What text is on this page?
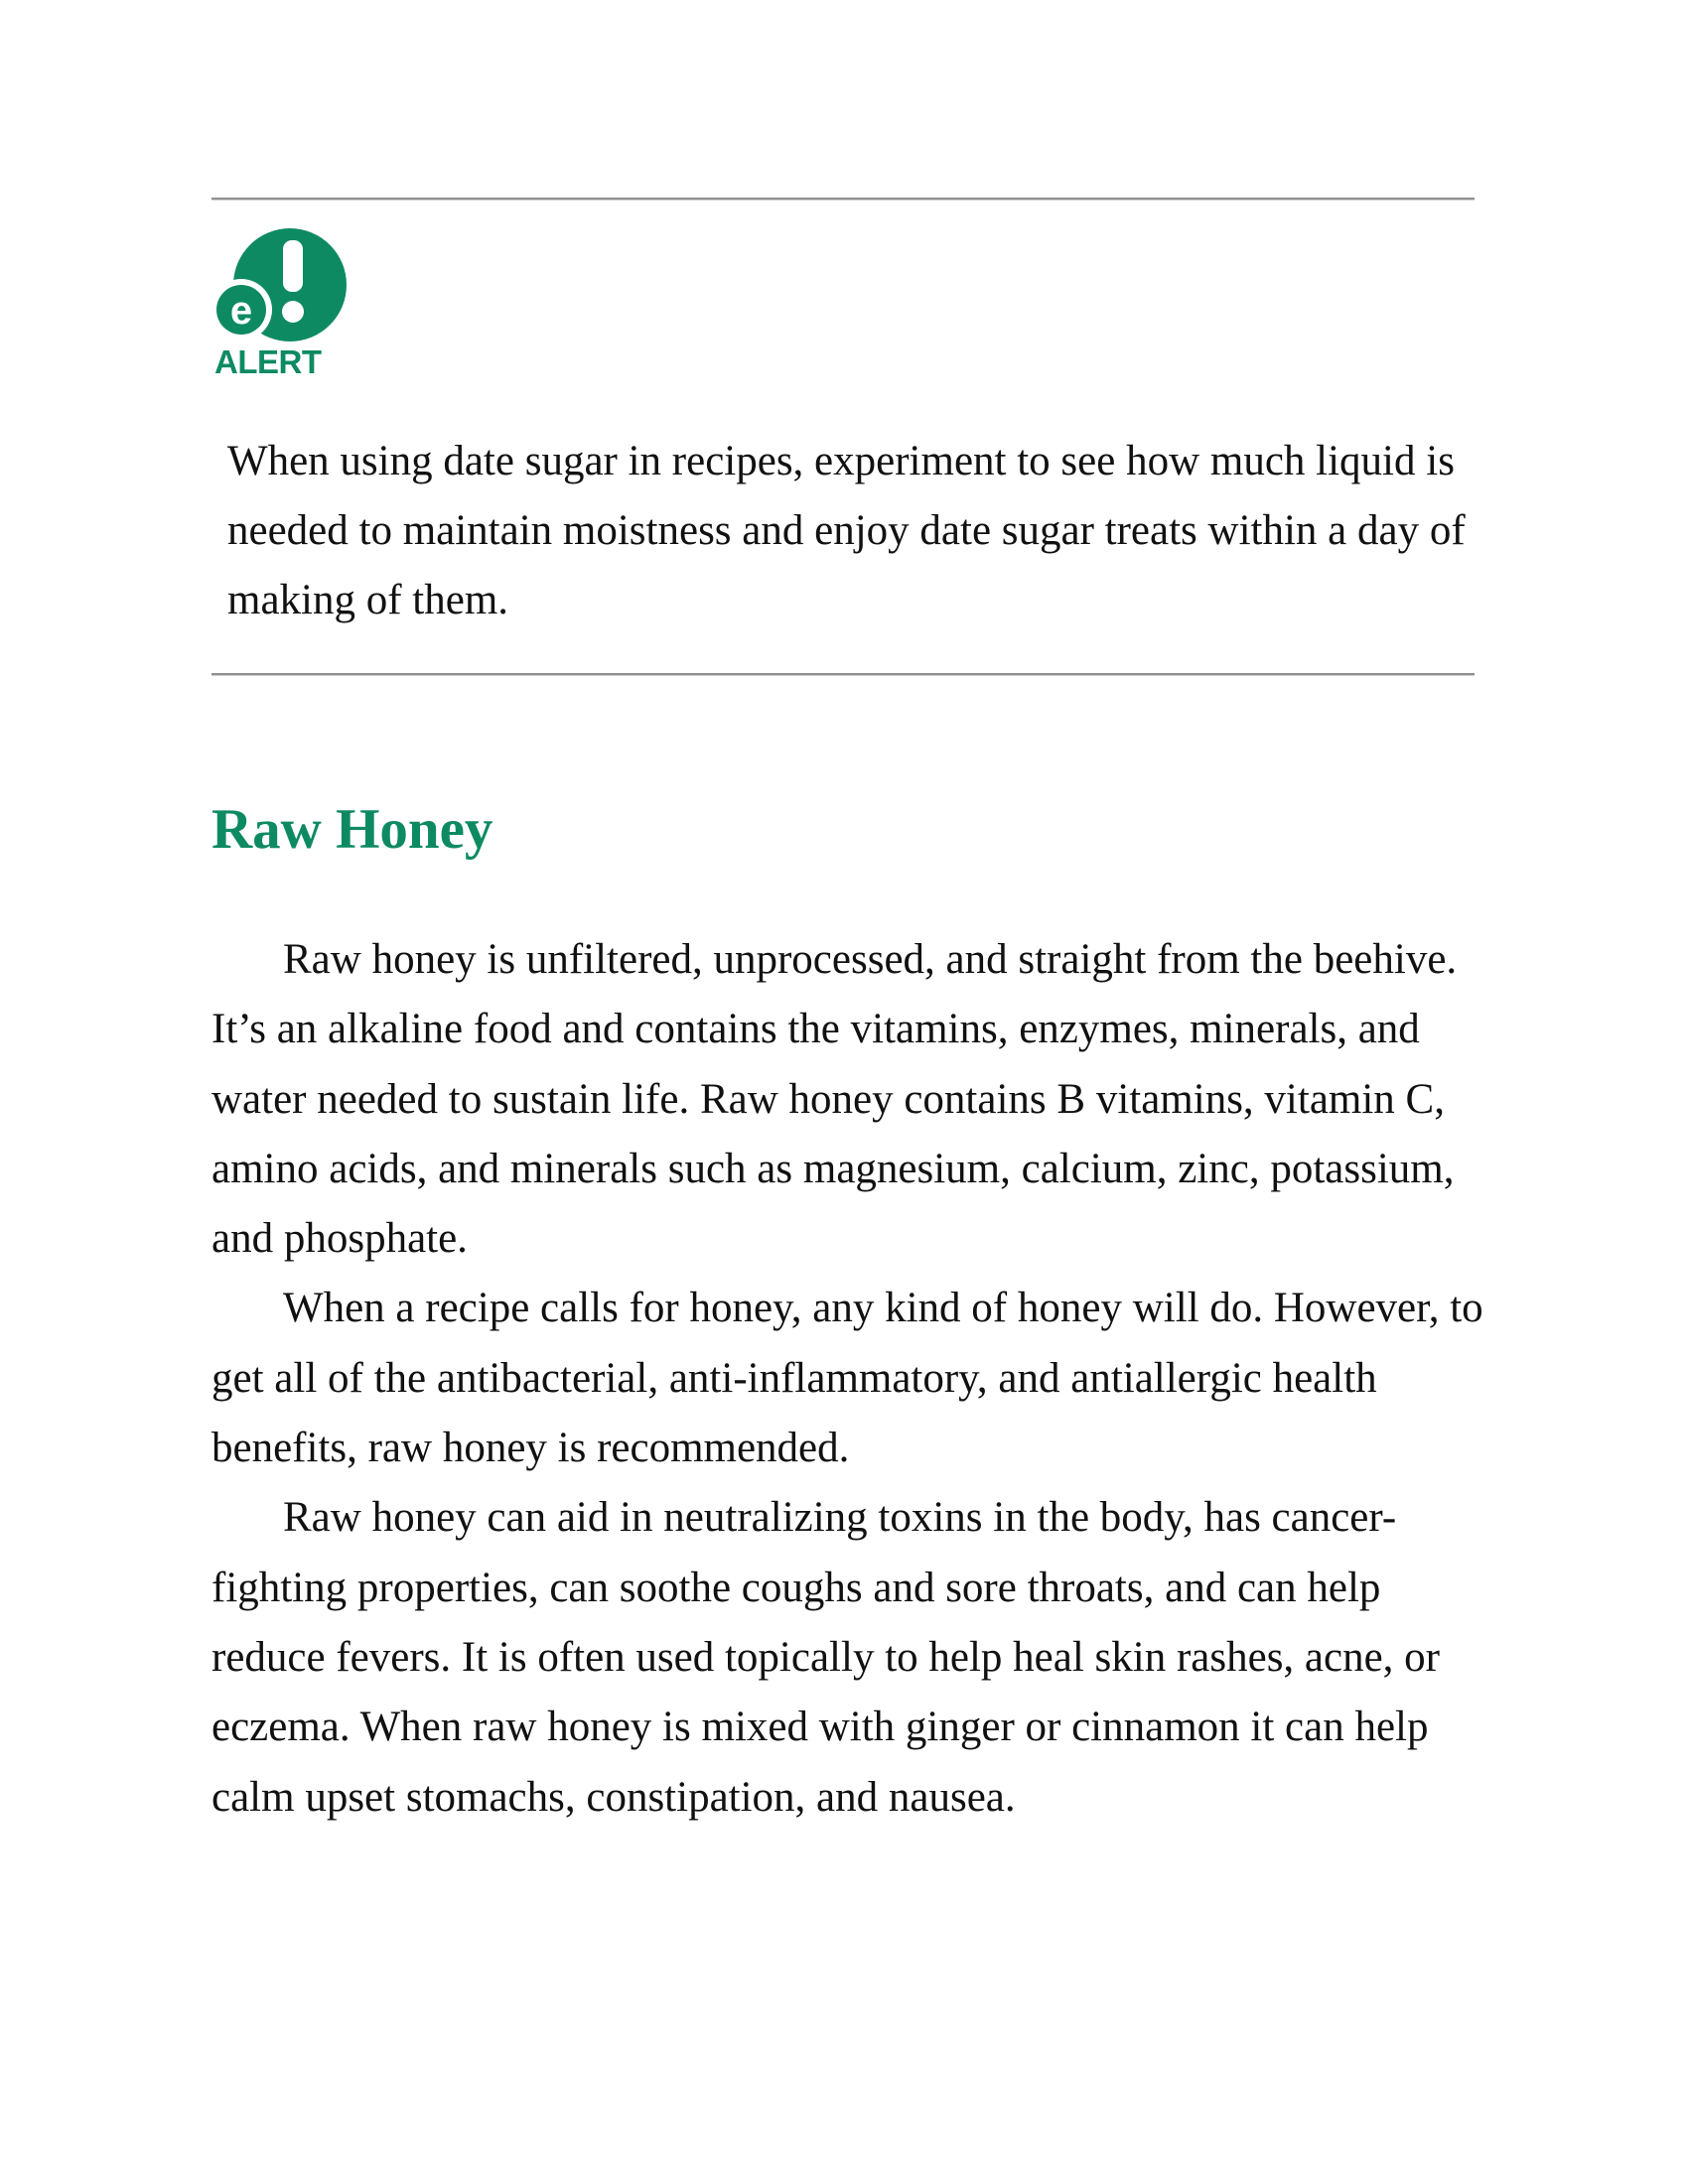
e
ALERT

When using date sugar in recipes, experiment to see how much liquid is needed to maintain moistness and enjoy date sugar treats within a day of making of them.

Raw Honey

Raw honey is unfiltered, unprocessed, and straight from the beehive. It’s an alkaline food and contains the vitamins, enzymes, minerals, and water needed to sustain life. Raw honey contains B vitamins, vitamin C, amino acids, and minerals such as magnesium, calcium, zinc, potassium, and phosphate.

When a recipe calls for honey, any kind of honey will do. However, to get all of the antibacterial, anti-inflammatory, and antiallergic health benefits, raw honey is recommended.

Raw honey can aid in neutralizing toxins in the body, has cancer-fighting properties, can soothe coughs and sore throats, and can help reduce fevers. It is often used topically to help heal skin rashes, acne, or eczema. When raw honey is mixed with ginger or cinnamon it can help calm upset stomachs, constipation, and nausea.
